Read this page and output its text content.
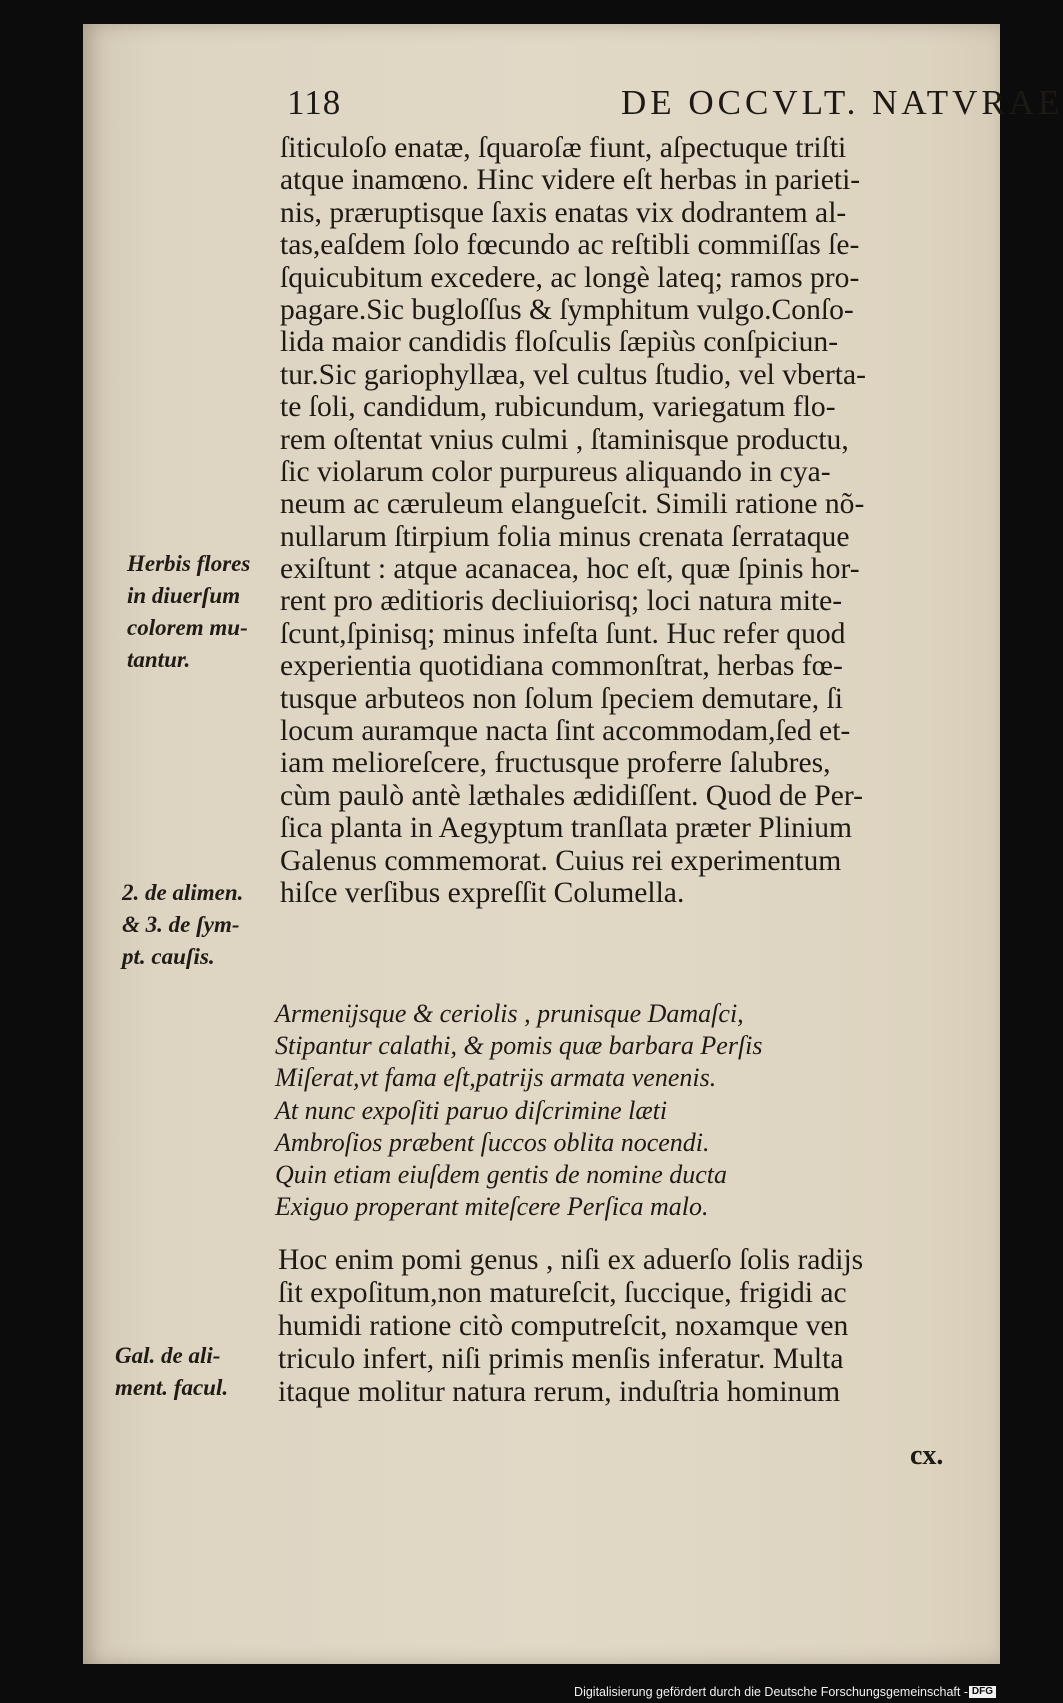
118	DE OCCVLT. NATVRAE
ſiticuloſo enatæ, ſquaroſæ fiunt, aſpectuque triſti
atque inamœno. Hinc videre eſt herbas in parieti-
nis, præruptisque ſaxis enatas vix dodrantem al-
tas,eaſdem ſolo fœcundo ac reſtibli commiſſas ſe-
ſquicubitum excedere, ac longè lateq; ramos pro-
pagare.Sic bugloſſus & ſymphitum vulgo.Conſo-
lida maior candidis floſculis ſæpiùs conſpiciun-
tur.Sic gariophyllæa, vel cultus ſtudio, vel vberta-
te ſoli, candidum, rubicundum, variegatum flo-
rem oſtentat vnius culmi , ſtaminisque productu,
ſic violarum color purpureus aliquando in cya-
neum ac cæruleum elangueſcit. Simili ratione nõ-
nullarum ſtirpium folia minus crenata ſerrataque
exiſtunt : atque acanacea, hoc eſt, quæ ſpinis hor-
rent pro æditioris decliuiorisq; loci natura mite-
ſcunt,ſpinisq; minus infeſta ſunt. Huc refer quod
experientia quotidiana commonſtrat, herbas fœ-
tusque arbuteos non ſolum ſpeciem demutare, ſi
locum auramque nacta ſint accommodam,ſed et-
iam melioreſcere, fructusque proferre ſalubres,
cùm paulò antè læthales ædidiſſent. Quod de Per-
ſica planta in Aegyptum tranſlata præter Plinium
Galenus commemorat. Cuius rei experimentum
hiſce verſibus expreſſit Columella.
Armenijsque & ceriolis , prunisque Damaſci,
Stipantur calathi, & pomis quæ barbara Perſis
Miſerat,vt fama eſt,patrijs armata venenis.
At nunc expoſiti paruo diſcrimine læti
Ambroſios præbent ſuccos oblita nocendi.
Quin etiam eiuſdem gentis de nomine ducta
Exiguo properant miteſcere Perſica malo.
Hoc enim pomi genus , niſi ex aduerſo ſolis radijs
ſit expoſitum,non matureſcit, ſuccique, frigidi ac
humidi ratione citò computreſcit, noxamque ven
triculo infert, niſi primis menſis inferatur. Multa
itaque molitur natura rerum, induſtria hominum
Herbis flores
in diuerſum
colorem mu-
tantur.
2. de alimen.
& 3. de ſym-
pt. cauſis.
Gal. de ali-
ment. facul.
cx.
Digitalisierung gefördert durch die Deutsche Forschungsgemeinschaft - DFG
